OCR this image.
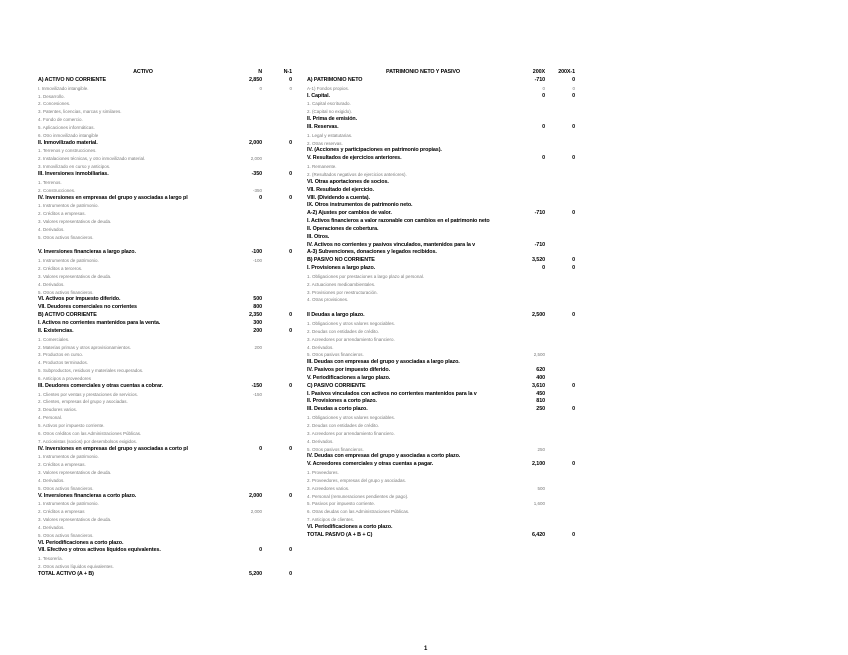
ACTIVO	N	N-1
A) ACTIVO NO CORRIENTE	2,850	0
I. Inmovilizado intangible.	0	0
1. Desarrollo.
2. Concesiones.
3. Patentes, licencias, marcas y similares.
4. Fondo de comercio.
5. Aplicaciones informáticas.
6. Otro inmovilizado intangible
II. Inmovilizado material.	2,000	0
1. Terrenos y construcciones.
2. Instalaciones técnicas, y otro inmovilizado material.	2,000
3. Inmovilizado en curso y anticipos.
III. Inversiones inmobiliarias.	-350	0
1. Terrenos.
2. Construcciones.	-350
IV. Inversiones en empresas del grupo y asociadas a largo pl	0	0
1. Instrumentos de patrimonio.
2. Créditos a empresas.
3. Valores representativos de deuda.
4. Derivados.
5. Otros activos financieros.
V. Inversiones financieras a largo plazo.	-100	0
1. Instrumentos de patrimonio.	-100
2. Créditos a terceros.
3. Valores representativos de deuda.
4. Derivados.
5. Otros activos financieros.
VI. Activos por impuesto diferido.	500
VII. Deudores comerciales no corrientes	800
B) ACTIVO CORRIENTE	2,350	0
I. Activos no corrientes mantenidos para la venta.	300
II. Existencias.	200	0
1. Comerciales.
2. Materias primas y otros aprovisionamientos.	200
3. Productos en curso.
4. Productos terminados.
5. Subproductos, residuos y materiales recuperados.
6. Anticipos a proveedores
III. Deudores comerciales y otras cuentas a cobrar.	-150	0
1. Clientes por ventas y prestaciones de servicios.	-150
2. Clientes, empresas del grupo y asociadas.
3. Deudores varios.
4. Personal.
5. Activos por impuesto corriente.
6. Otros créditos con las Administraciones Públicas.
7. Accionistas (socios) por desembolsos exigidos.
IV. Inversiones en empresas del grupo y asociadas a corto pl	0	0
1. Instrumentos de patrimonio.
2. Créditos a empresas.
3. Valores representativos de deuda.
4. Derivados.
5. Otros activos financieros.
V. Inversiones financieras a corto plazo.	2,000	0
1. Instrumentos de patrimonio.
2. Créditos a empresas	2,000
3. Valores representativos de deuda.
4. Derivados.
5. Otros activos financieros.
VI. Periodificaciones a corto plazo.
VII. Efectivo y otros activos líquidos equivalentes.	0	0
1. Tesorería.
2. Otros activos líquidos equivalentes.
TOTAL ACTIVO (A + B)	5,200	0
PATRIMONIO NETO Y PASIVO	200X	200X-1
A) PATRIMONIO NETO	-710	0
A-1) Fondos propios.	0	0
I. Capital.	0	0
1. Capital escriturado.
2. (Capital no exigido).
II. Prima de emisión.
III. Reservas.	0	0
1. Legal y estatutarias.
2. Otras reservas.
IV. (Acciones y participaciones en patrimonio propias).
V. Resultados de ejercicios anteriores.	0	0
1. Remanente.
2. (Resultados negativos de ejercicios anteriores).
VI. Otras aportaciones de socios.
VII. Resultado del ejercicio.
VIII. (Dividendo a cuenta).
IX. Otros instrumentos de patrimonio neto.
A-2) Ajustes por cambios de valor.	-710	0
I. Activos financieros a valor razonable con cambios en el patrimonio neto
II. Operaciones de cobertura.
III. Otros.
IV. Activos no corrientes y pasivos vinculados, mantenidos para la v	-710
A-3) Subvenciones, donaciones y legados recibidos.
B) PASIVO NO CORRIENTE	3,520	0
I. Provisiones a largo plazo.	0	0
1. Obligaciones por prestaciones a largo plazo al personal.
2. Actuaciones medioambientales.
3. Provisiones por reestructuración.
4. Otras provisiones.
II Deudas a largo plazo.	2,500	0
1. Obligaciones y otros valores negociables.
2. Deudas con entidades de crédito.
3. Acreedores por arrendamiento financiero.
4. Derivados.
5. Otros pasivos financieros.	2,500
III. Deudas con empresas del grupo y asociadas a largo plazo.
IV. Pasivos por impuesto diferido.	620
V. Periodificaciones a largo plazo.	400
C) PASIVO CORRIENTE	3,610	0
I. Pasivos vinculados con activos no corrientes mantenidos para la v	450
II. Provisiones a corto plazo.	810
III. Deudas a corto plazo.	250	0
1. Obligaciones y otros valores negociables.
2. Deudas con entidades de crédito.
3. Acreedores por arrendamiento financiero.
4. Derivados.
5. Otros pasivos financieros.	250
IV. Deudas con empresas del grupo y asociadas a corto plazo.
V. Acreedores comerciales y otras cuentas a pagar.	2,100	0
1. Proveedores.
2. Proveedores, empresas del grupo y asociadas.
3. Acreedores varios.	500
4. Personal (remuneraciones pendientes de pago).
5. Pasivos por impuesto corriente.	1,600
6. Otras deudas con las Administraciones Públicas.
7. Anticipos de clientes.
VI. Periodificaciones a corto plazo.
TOTAL PASIVO (A + B + C)	6,420	0
1
